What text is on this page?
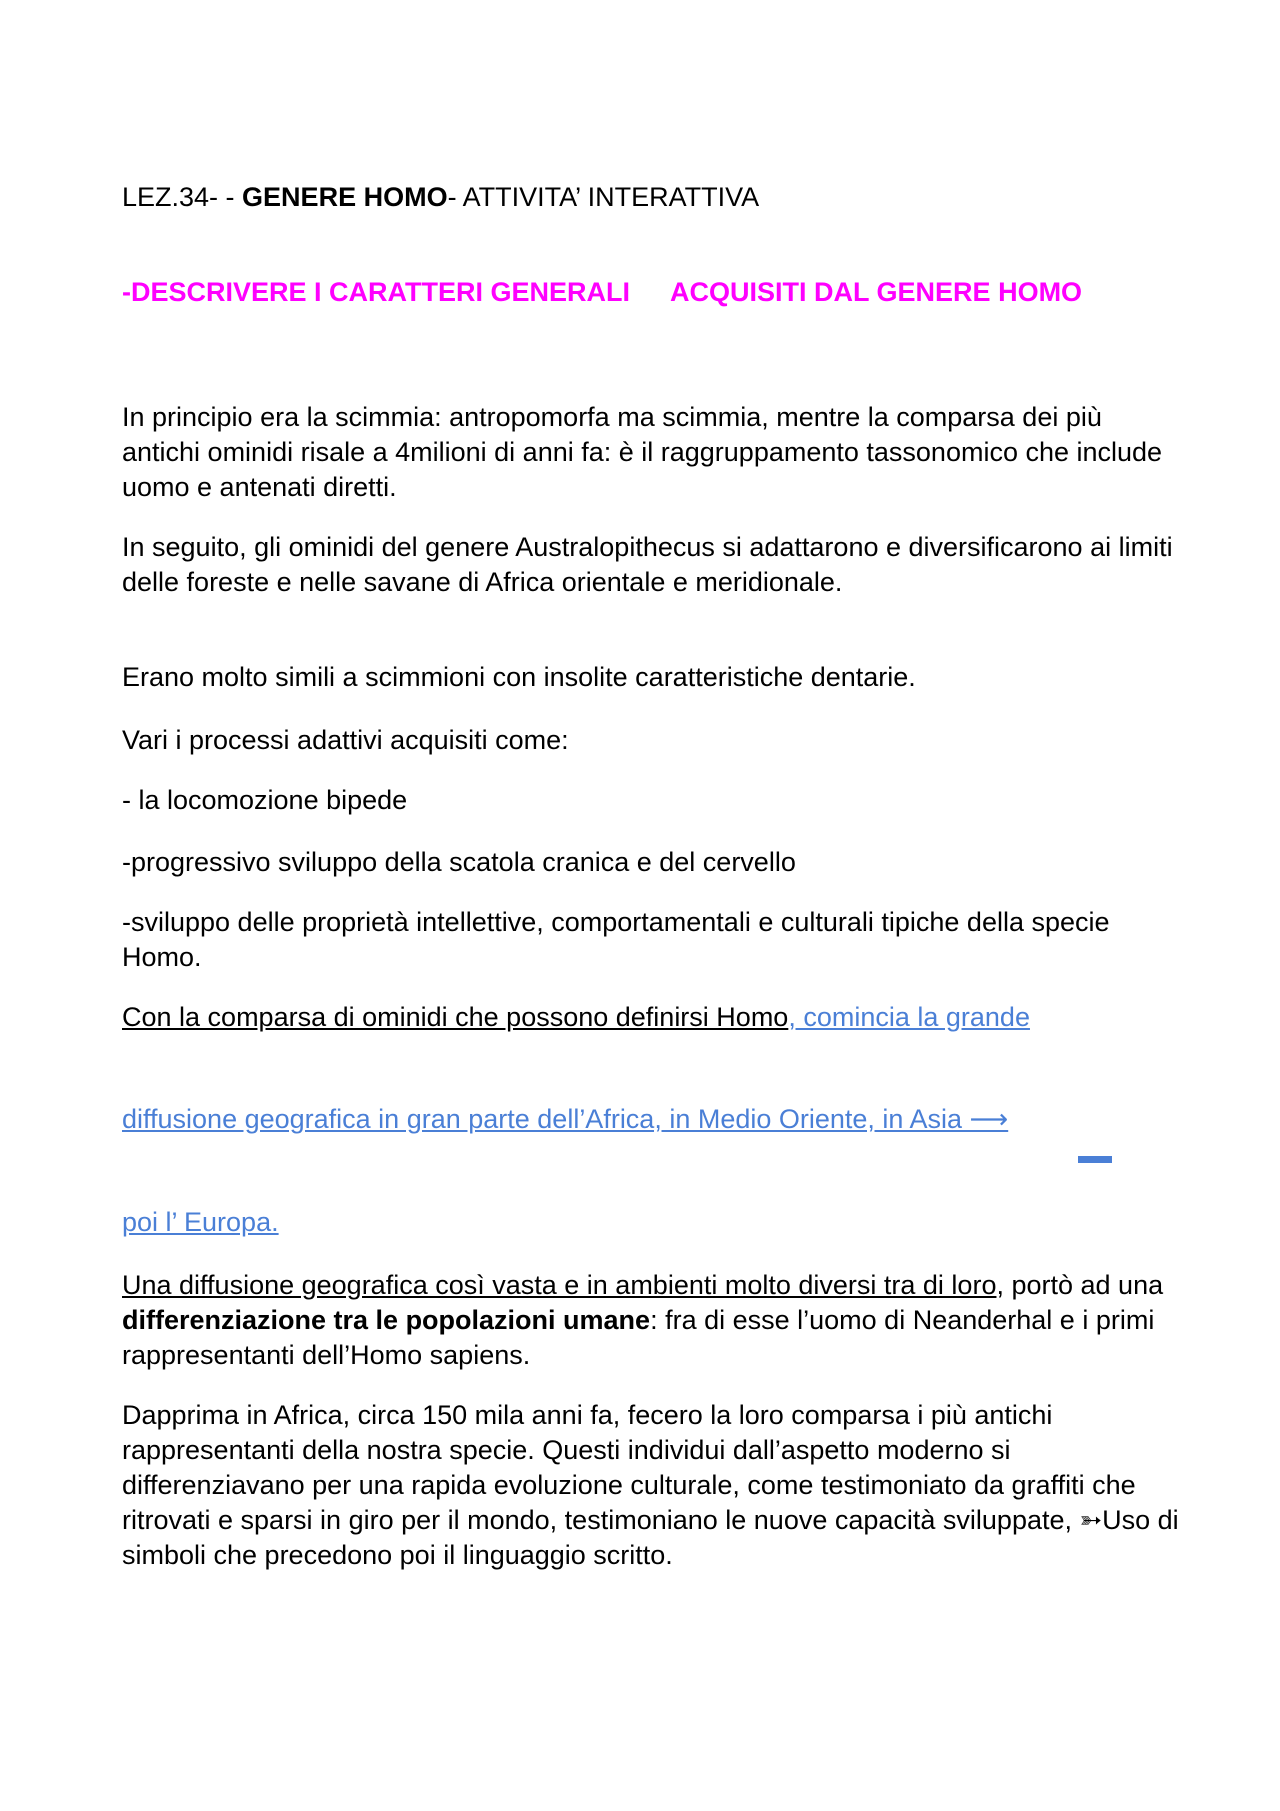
LEZ.34- - GENERE HOMO- ATTIVITA’ INTERATTIVA

-DESCRIVERE I CARATTERI GENERALI ACQUISITI DAL GENERE HOMO

In principio era la scimmia: antropomorfa ma scimmia, mentre la comparsa dei più antichi ominidi risale a 4milioni di anni fa: è il raggruppamento tassonomico che include uomo e antenati diretti.

In seguito, gli ominidi del genere Australopithecus si adattarono e diversificarono ai limiti delle foreste e nelle savane di Africa orientale e meridionale.

Erano molto simili a scimmioni con insolite caratteristiche dentarie.

Vari i processi adattivi acquisiti come:

- la locomozione bipede

-progressivo sviluppo della scatola cranica e del cervello

-sviluppo delle proprietà intellettive, comportamentali e culturali tipiche della specie Homo.

Con la comparsa di ominidi che possono definirsi Homo, comincia la grande

diffusione geografica in gran parte dell’Africa, in Medio Oriente, in Asia ⟶

poi l’ Europa.

Una diffusione geografica così vasta e in ambienti molto diversi tra di loro, portò ad una differenziazione tra le popolazioni umane: fra di esse l’uomo di Neanderhal e i primi rappresentanti dell’Homo sapiens.

Dapprima in Africa, circa 150 mila anni fa, fecero la loro comparsa i più antichi rappresentanti della nostra specie. Questi individui dall’aspetto moderno si differenziavano per una rapida evoluzione culturale, come testimoniato da graffiti che ritrovati e sparsi in giro per il mondo, testimoniano le nuove capacità sviluppate, ➳Uso di simboli che precedono poi il linguaggio scritto.
